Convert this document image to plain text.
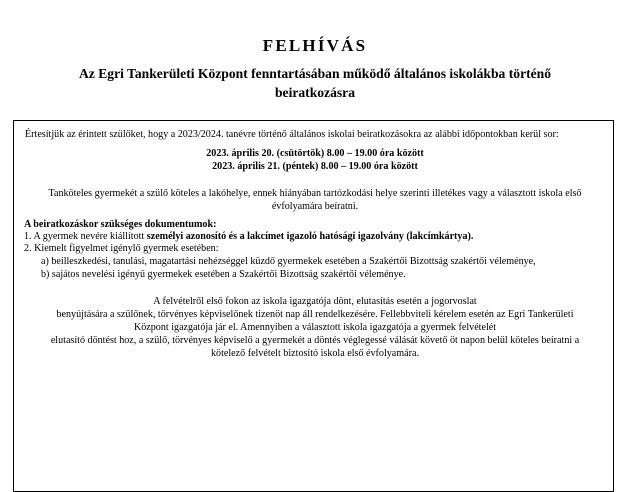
FELHÍVÁS
Az Egri Tankerületi Központ fenntartásában működő általános iskolákba történő beiratkozásra
Értesítjük az érintett szülőket, hogy a 2023/2024. tanévre történő általános iskolai beiratkozásokra az alábbi időpontokban kerül sor:
2023. április 20. (csütörtök) 8.00 – 19.00 óra között
2023. április 21. (péntek) 8.00 – 19.00 óra között
Tanköteles gyermekét a szülő köteles a lakóhelye, ennek hiányában tartózkodási helye szerinti illetékes vagy a választott iskola első
évfolyamára beíratni.
A beiratkozáskor szükséges dokumentumok:
1. A gyermek nevére kiállított személyi azonosító és a lakcímet igazoló hatósági igazolvány (lakcímkártya).
2. Kiemelt figyelmet igénylő gyermek esetében:
a) beilleszkedési, tanulási, magatartási nehézséggel küzdő gyermekek esetében a Szakértői Bizottság szakértői véleménye,
b) sajátos nevelési igényű gyermekek esetében a Szakértői Bizottság szakértői véleménye.
A felvételről első fokon az iskola igazgatója dönt, elutasítás esetén a jogorvoslat
benyújtására a szülőnek, törvényes képviselőnek tizenöt nap áll rendelkezésére. Fellebbviteli kérelem esetén az Egri Tankerületi
Központ igazgatója jár el. Amennyiben a választott iskola igazgatója a gyermek felvételét
elutasító döntést hoz, a szülő, törvényes képviselő a gyermekét a döntés véglegessé válását követő öt napon belül köteles beíratni a
kötelező felvételt biztosító iskola első évfolyamára.
